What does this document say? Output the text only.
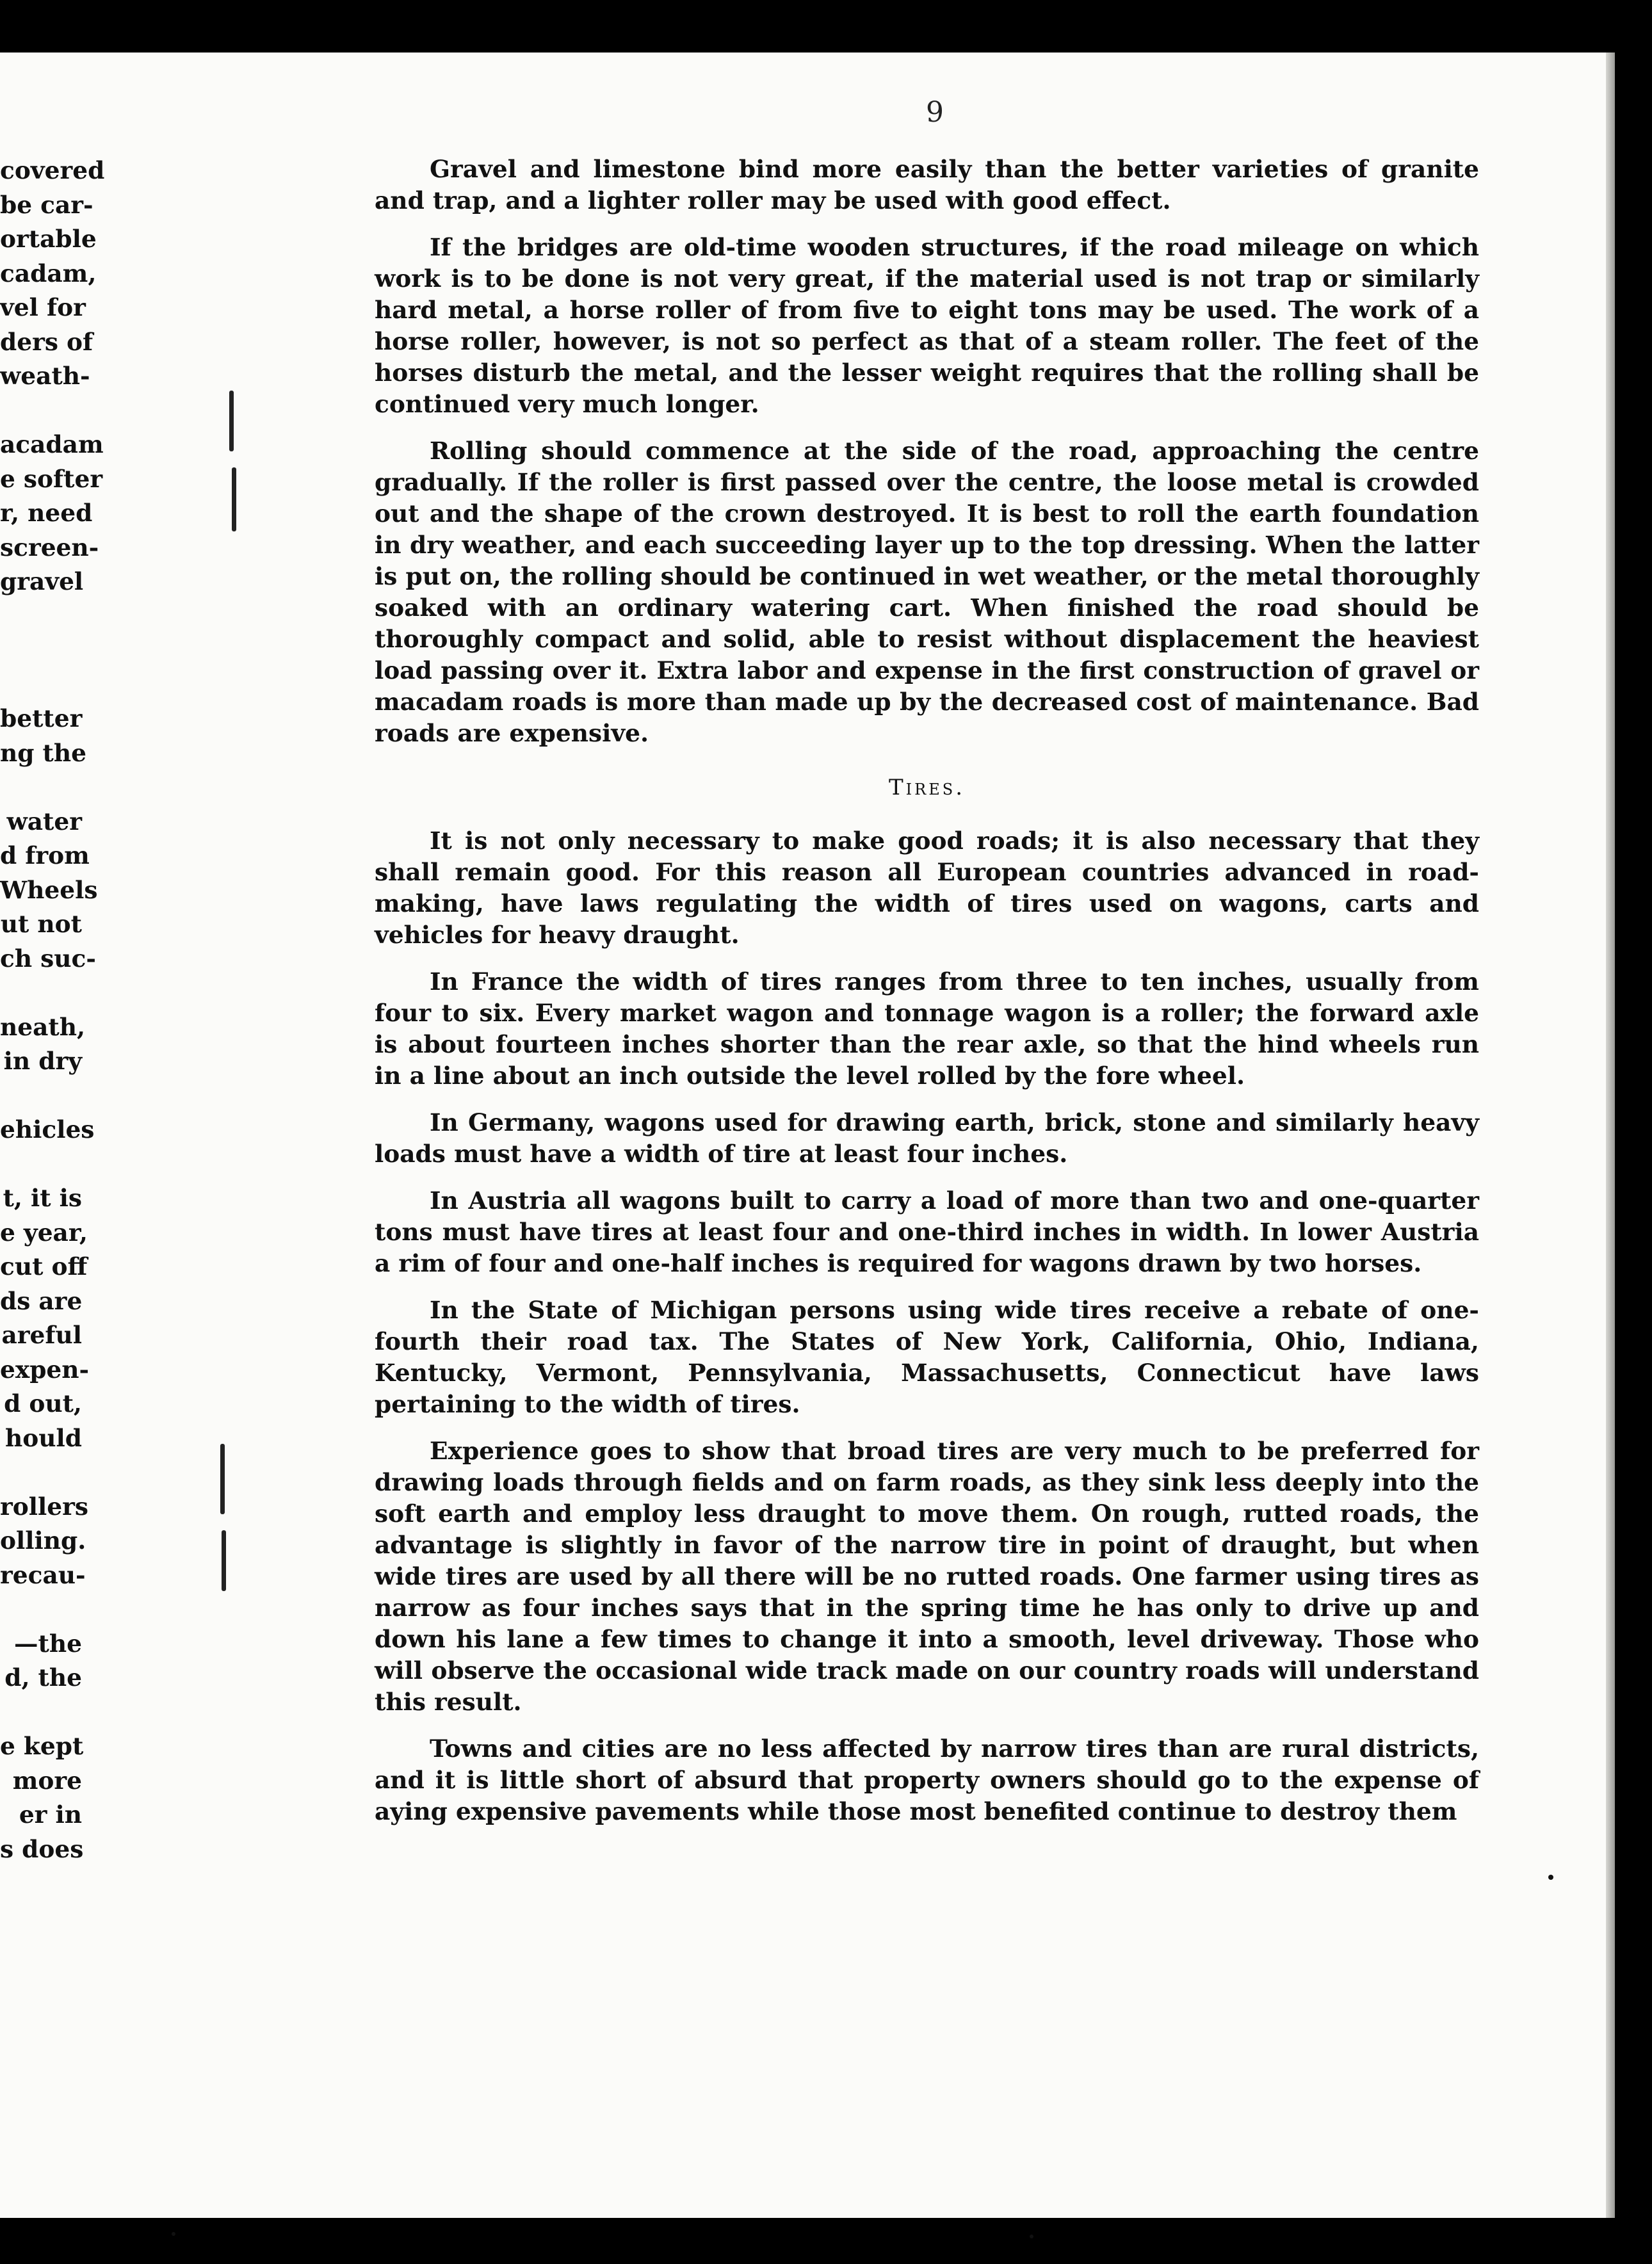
9
covered
be car-
ortable
cadam,
vel for
ders of
weath-
acadam
e softer
r, need
screen-
gravel
better
ng the
water
d from
Wheels
ut not
ch suc-
neath,
in dry
ehicles
t, it is
e year,
cut off
ds are
areful
expen-
d out,
hould
rollers
olling.
recau-
—the
d, the
e kept
more
er in
s does

Gravel and limestone bind more easily than the better varieties of granite and trap, and a lighter roller may be used with good effect.

If the bridges are old-time wooden structures, if the road mileage on which work is to be done is not very great, if the material used is not trap or similarly hard metal, a horse roller of from five to eight tons may be used. The work of a horse roller, however, is not so perfect as that of a steam roller. The feet of the horses disturb the metal, and the lesser weight requires that the rolling shall be continued very much longer.

Rolling should commence at the side of the road, approaching the centre gradually. If the roller is first passed over the centre, the loose metal is crowded out and the shape of the crown destroyed. It is best to roll the earth foundation in dry weather, and each succeeding layer up to the top dressing. When the latter is put on, the rolling should be continued in wet weather, or the metal thoroughly soaked with an ordinary watering cart. When finished the road should be thoroughly compact and solid, able to resist without displacement the heaviest load passing over it. Extra labor and expense in the first construction of gravel or macadam roads is more than made up by the decreased cost of maintenance. Bad roads are expensive.

Tires.

It is not only necessary to make good roads; it is also necessary that they shall remain good. For this reason all European countries advanced in road-making, have laws regulating the width of tires used on wagons, carts and vehicles for heavy draught.

In France the width of tires ranges from three to ten inches, usually from four to six. Every market wagon and tonnage wagon is a roller; the forward axle is about fourteen inches shorter than the rear axle, so that the hind wheels run in a line about an inch outside the level rolled by the fore wheel.

In Germany, wagons used for drawing earth, brick, stone and similarly heavy loads must have a width of tire at least four inches.

In Austria all wagons built to carry a load of more than two and one-quarter tons must have tires at least four and one-third inches in width. In lower Austria a rim of four and one-half inches is required for wagons drawn by two horses.

In the State of Michigan persons using wide tires receive a rebate of one-fourth their road tax. The States of New York, California, Ohio, Indiana, Kentucky, Vermont, Pennsylvania, Massachusetts, Connecticut have laws pertaining to the width of tires.

Experience goes to show that broad tires are very much to be preferred for drawing loads through fields and on farm roads, as they sink less deeply into the soft earth and employ less draught to move them. On rough, rutted roads, the advantage is slightly in favor of the narrow tire in point of draught, but when wide tires are used by all there will be no rutted roads. One farmer using tires as narrow as four inches says that in the spring time he has only to drive up and down his lane a few times to change it into a smooth, level driveway. Those who will observe the occasional wide track made on our country roads will understand this result.

Towns and cities are no less affected by narrow tires than are rural districts, and it is little short of absurd that property owners should go to the expense of aying expensive pavements while those most benefited continue to destroy them
